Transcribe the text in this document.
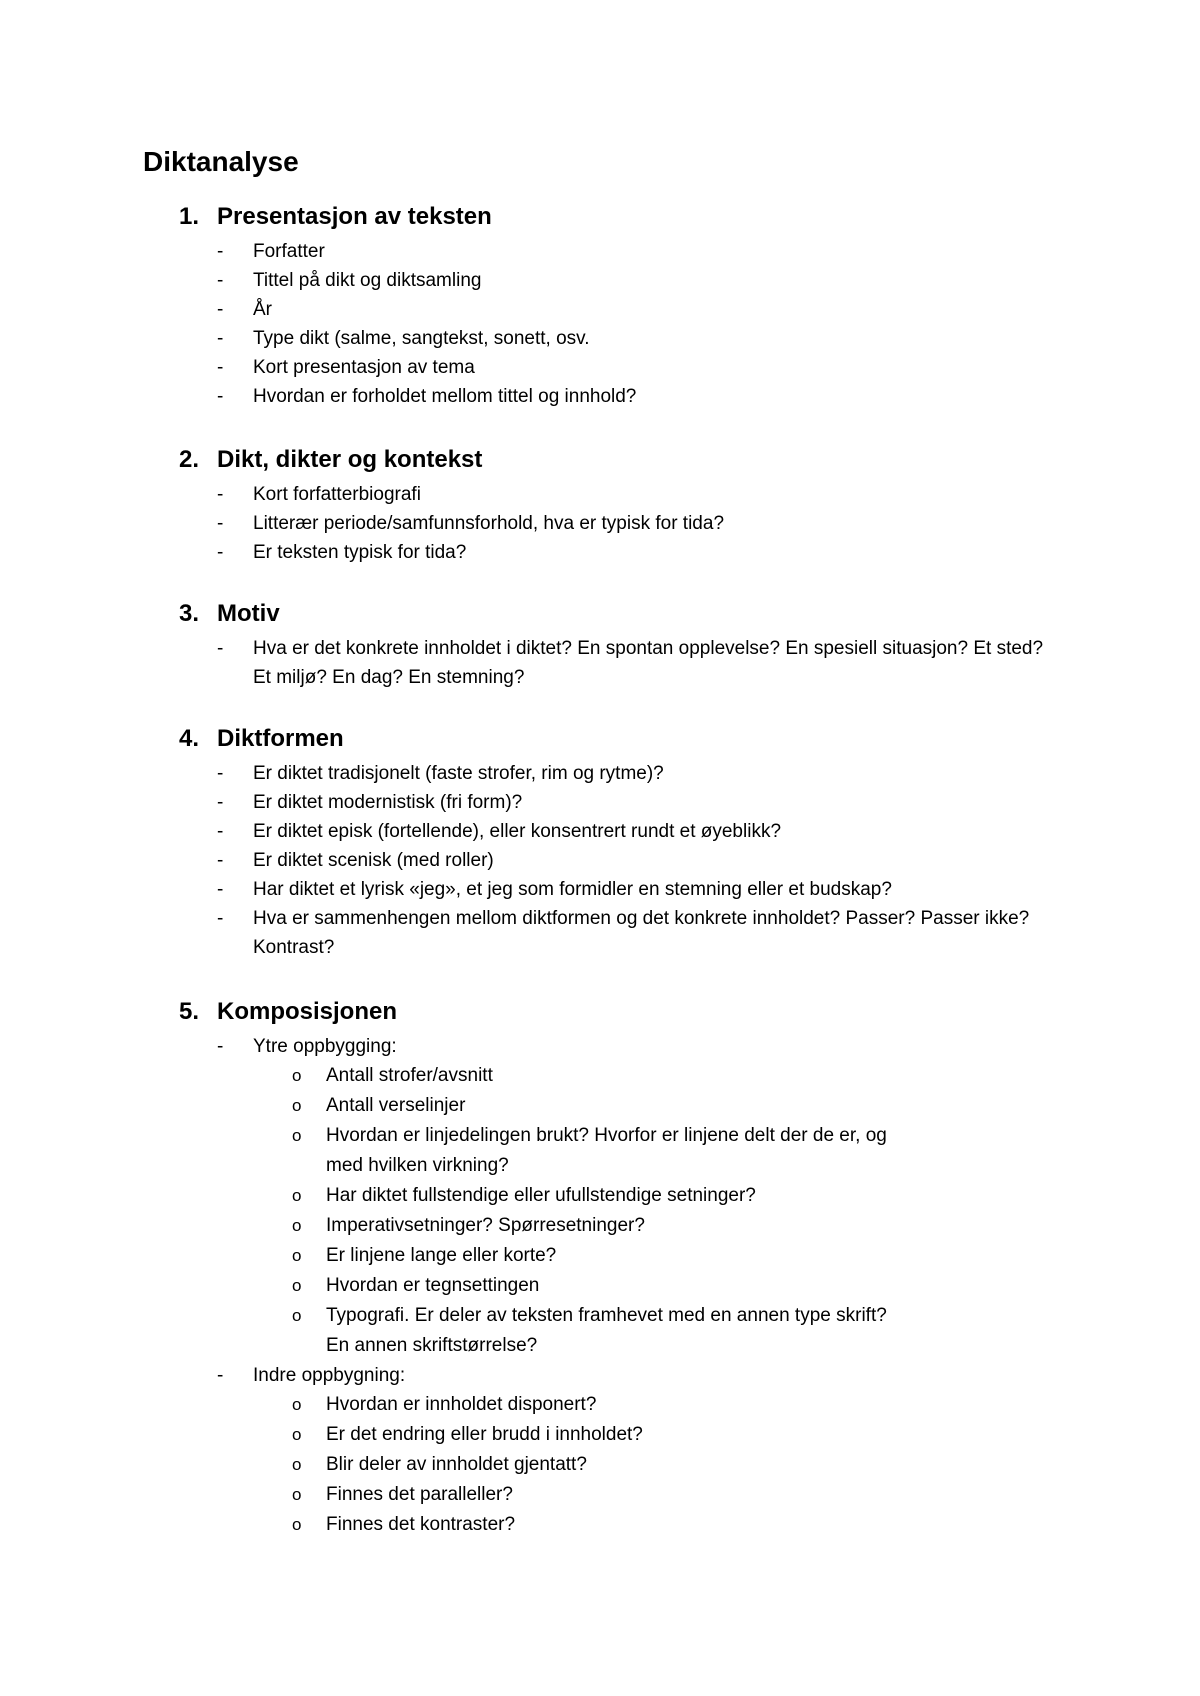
Diktanalyse
1. Presentasjon av teksten
- Forfatter
- Tittel på dikt og diktsamling
- År
- Type dikt (salme, sangtekst, sonett, osv.
- Kort presentasjon av tema
- Hvordan er forholdet mellom tittel og innhold?
2. Dikt, dikter og kontekst
- Kort forfatterbiografi
- Litterær periode/samfunnsforhold, hva er typisk for tida?
- Er teksten typisk for tida?
3. Motiv
- Hva er det konkrete innholdet i diktet? En spontan opplevelse? En spesiell situasjon? Et sted? Et miljø? En dag? En stemning?
4. Diktformen
- Er diktet tradisjonelt (faste strofer, rim og rytme)?
- Er diktet modernistisk (fri form)?
- Er diktet episk (fortellende), eller konsentrert rundt et øyeblikk?
- Er diktet scenisk (med roller)
- Har diktet et lyrisk «jeg», et jeg som formidler en stemning eller et budskap?
- Hva er sammenhengen mellom diktformen og det konkrete innholdet? Passer? Passer ikke? Kontrast?
5. Komposisjonen
- Ytre oppbygging:
o Antall strofer/avsnitt
o Antall verselinjer
o Hvordan er linjedelingen brukt? Hvorfor er linjene delt der de er, og med hvilken virkning?
o Har diktet fullstendige eller ufullstendige setninger?
o Imperativsetninger? Spørresetninger?
o Er linjene lange eller korte?
o Hvordan er tegnsettingen
o Typografi. Er deler av teksten framhevet med en annen type skrift? En annen skriftstørrelse?
- Indre oppbygning:
o Hvordan er innholdet disponert?
o Er det endring eller brudd i innholdet?
o Blir deler av innholdet gjentatt?
o Finnes det paralleller?
o Finnes det kontraster?
